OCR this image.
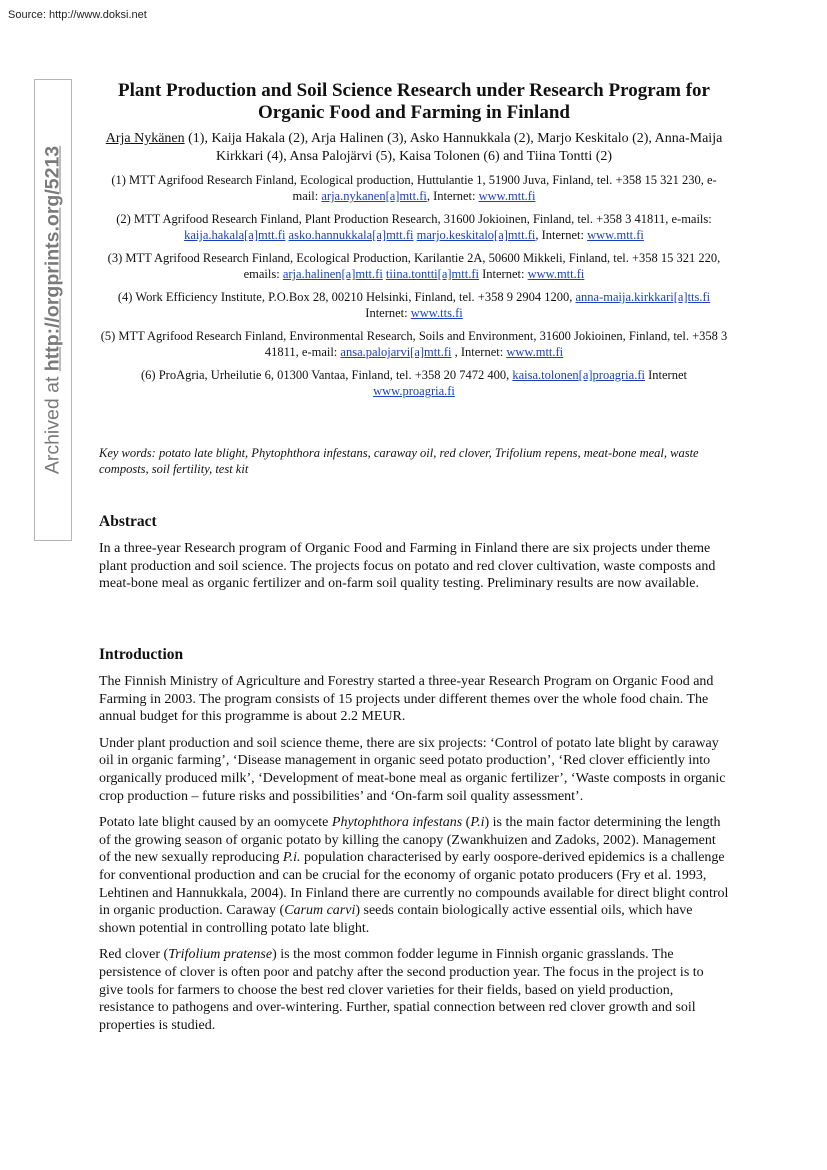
Source: http://www.doksi.net
Archived at http://orgprints.org/5213
Plant Production and Soil Science Research under Research Program for Organic Food and Farming in Finland
Arja Nykänen (1), Kaija Hakala (2), Arja Halinen (3), Asko Hannukkala (2), Marjo Keskitalo (2), Anna-Maija Kirkkari (4), Ansa Palojärvi (5), Kaisa Tolonen (6) and Tiina Tontti (2)
(1) MTT Agrifood Research Finland, Ecological production, Huttulantie 1, 51900 Juva, Finland, tel. +358 15 321 230, e-mail: arja.nykanen[a]mtt.fi, Internet: www.mtt.fi
(2) MTT Agrifood Research Finland, Plant Production Research, 31600 Jokioinen, Finland, tel. +358 3 41811, e-mails: kaija.hakala[a]mtt.fi asko.hannukkala[a]mtt.fi marjo.keskitalo[a]mtt.fi, Internet: www.mtt.fi
(3) MTT Agrifood Research Finland, Ecological Production, Karilantie 2A, 50600 Mikkeli, Finland, tel. +358 15 321 220, emails: arja.halinen[a]mtt.fi tiina.tontti[a]mtt.fi Internet: www.mtt.fi
(4) Work Efficiency Institute, P.O.Box 28, 00210 Helsinki, Finland, tel. +358 9 2904 1200, anna-maija.kirkkari[a]tts.fi Internet: www.tts.fi
(5) MTT Agrifood Research Finland, Environmental Research, Soils and Environment, 31600 Jokioinen, Finland, tel. +358 3 41811, e-mail: ansa.palojarvi[a]mtt.fi , Internet: www.mtt.fi
(6) ProAgria, Urheilutie 6, 01300 Vantaa, Finland, tel. +358 20 7472 400, kaisa.tolonen[a]proagria.fi Internet www.proagria.fi
Key words: potato late blight, Phytophthora infestans, caraway oil, red clover, Trifolium repens, meat-bone meal, waste composts, soil fertility, test kit
Abstract

In a three-year Research program of Organic Food and Farming in Finland there are six projects under theme plant production and soil science. The projects focus on potato and red clover cultivation, waste composts and meat-bone meal as organic fertilizer and on-farm soil quality testing. Preliminary results are now available.

Introduction

The Finnish Ministry of Agriculture and Forestry started a three-year Research Program on Organic Food and Farming in 2003. The program consists of 15 projects under different themes over the whole food chain. The annual budget for this programme is about 2.2 MEUR.

Under plant production and soil science theme, there are six projects: ‘Control of potato late blight by caraway oil in organic farming’, ‘Disease management in organic seed potato production’, ‘Red clover efficiently into organically produced milk’, ‘Development of meat-bone meal as organic fertilizer’, ‘Waste composts in organic crop production – future risks and possibilities’ and ‘On-farm soil quality assessment’.

Potato late blight caused by an oomycete Phytophthora infestans (P.i) is the main factor determining the length of the growing season of organic potato by killing the canopy (Zwankhuizen and Zadoks, 2002). Management of the new sexually reproducing P.i. population characterised by early oospore-derived epidemics is a challenge for conventional production and can be crucial for the economy of organic potato producers (Fry et al. 1993, Lehtinen and Hannukkala, 2004). In Finland there are currently no compounds available for direct blight control in organic production. Caraway (Carum carvi) seeds contain biologically active essential oils, which have shown potential in controlling potato late blight.

Red clover (Trifolium pratense) is the most common fodder legume in Finnish organic grasslands. The persistence of clover is often poor and patchy after the second production year. The focus in the project is to give tools for farmers to choose the best red clover varieties for their fields, based on yield production, resistance to pathogens and over-wintering. Further, spatial connection between red clover growth and soil properties is studied.
